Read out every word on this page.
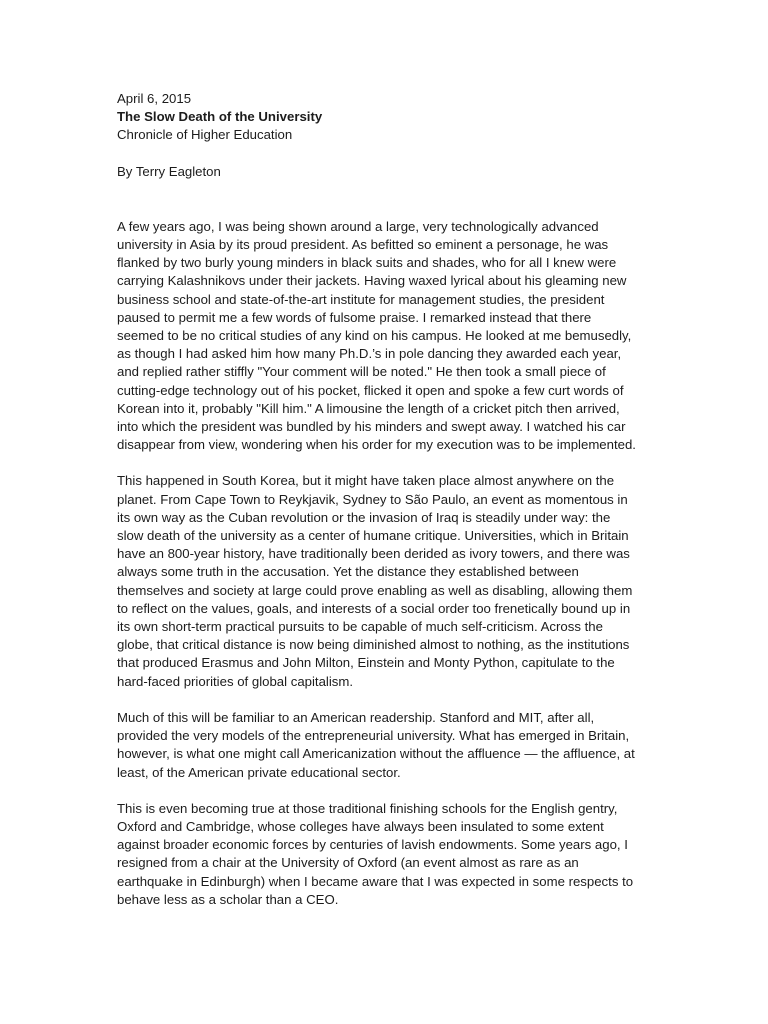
April 6, 2015

The Slow Death of the University

Chronicle of Higher Education

By Terry Eagleton

A few years ago, I was being shown around a large, very technologically advanced university in Asia by its proud president. As befitted so eminent a personage, he was flanked by two burly young minders in black suits and shades, who for all I knew were carrying Kalashnikovs under their jackets. Having waxed lyrical about his gleaming new business school and state-of-the-art institute for management studies, the president paused to permit me a few words of fulsome praise. I remarked instead that there seemed to be no critical studies of any kind on his campus. He looked at me bemusedly, as though I had asked him how many Ph.D.’s in pole dancing they awarded each year, and replied rather stiffly "Your comment will be noted." He then took a small piece of cutting-edge technology out of his pocket, flicked it open and spoke a few curt words of Korean into it, probably "Kill him." A limousine the length of a cricket pitch then arrived, into which the president was bundled by his minders and swept away. I watched his car disappear from view, wondering when his order for my execution was to be implemented.

This happened in South Korea, but it might have taken place almost anywhere on the planet. From Cape Town to Reykjavik, Sydney to São Paulo, an event as momentous in its own way as the Cuban revolution or the invasion of Iraq is steadily under way: the slow death of the university as a center of humane critique. Universities, which in Britain have an 800-year history, have traditionally been derided as ivory towers, and there was always some truth in the accusation. Yet the distance they established between themselves and society at large could prove enabling as well as disabling, allowing them to reflect on the values, goals, and interests of a social order too frenetically bound up in its own short-term practical pursuits to be capable of much self-criticism. Across the globe, that critical distance is now being diminished almost to nothing, as the institutions that produced Erasmus and John Milton, Einstein and Monty Python, capitulate to the hard-faced priorities of global capitalism.

Much of this will be familiar to an American readership. Stanford and MIT, after all, provided the very models of the entrepreneurial university. What has emerged in Britain, however, is what one might call Americanization without the affluence — the affluence, at least, of the American private educational sector.

This is even becoming true at those traditional finishing schools for the English gentry, Oxford and Cambridge, whose colleges have always been insulated to some extent against broader economic forces by centuries of lavish endowments. Some years ago, I resigned from a chair at the University of Oxford (an event almost as rare as an earthquake in Edinburgh) when I became aware that I was expected in some respects to behave less as a scholar than a CEO.
